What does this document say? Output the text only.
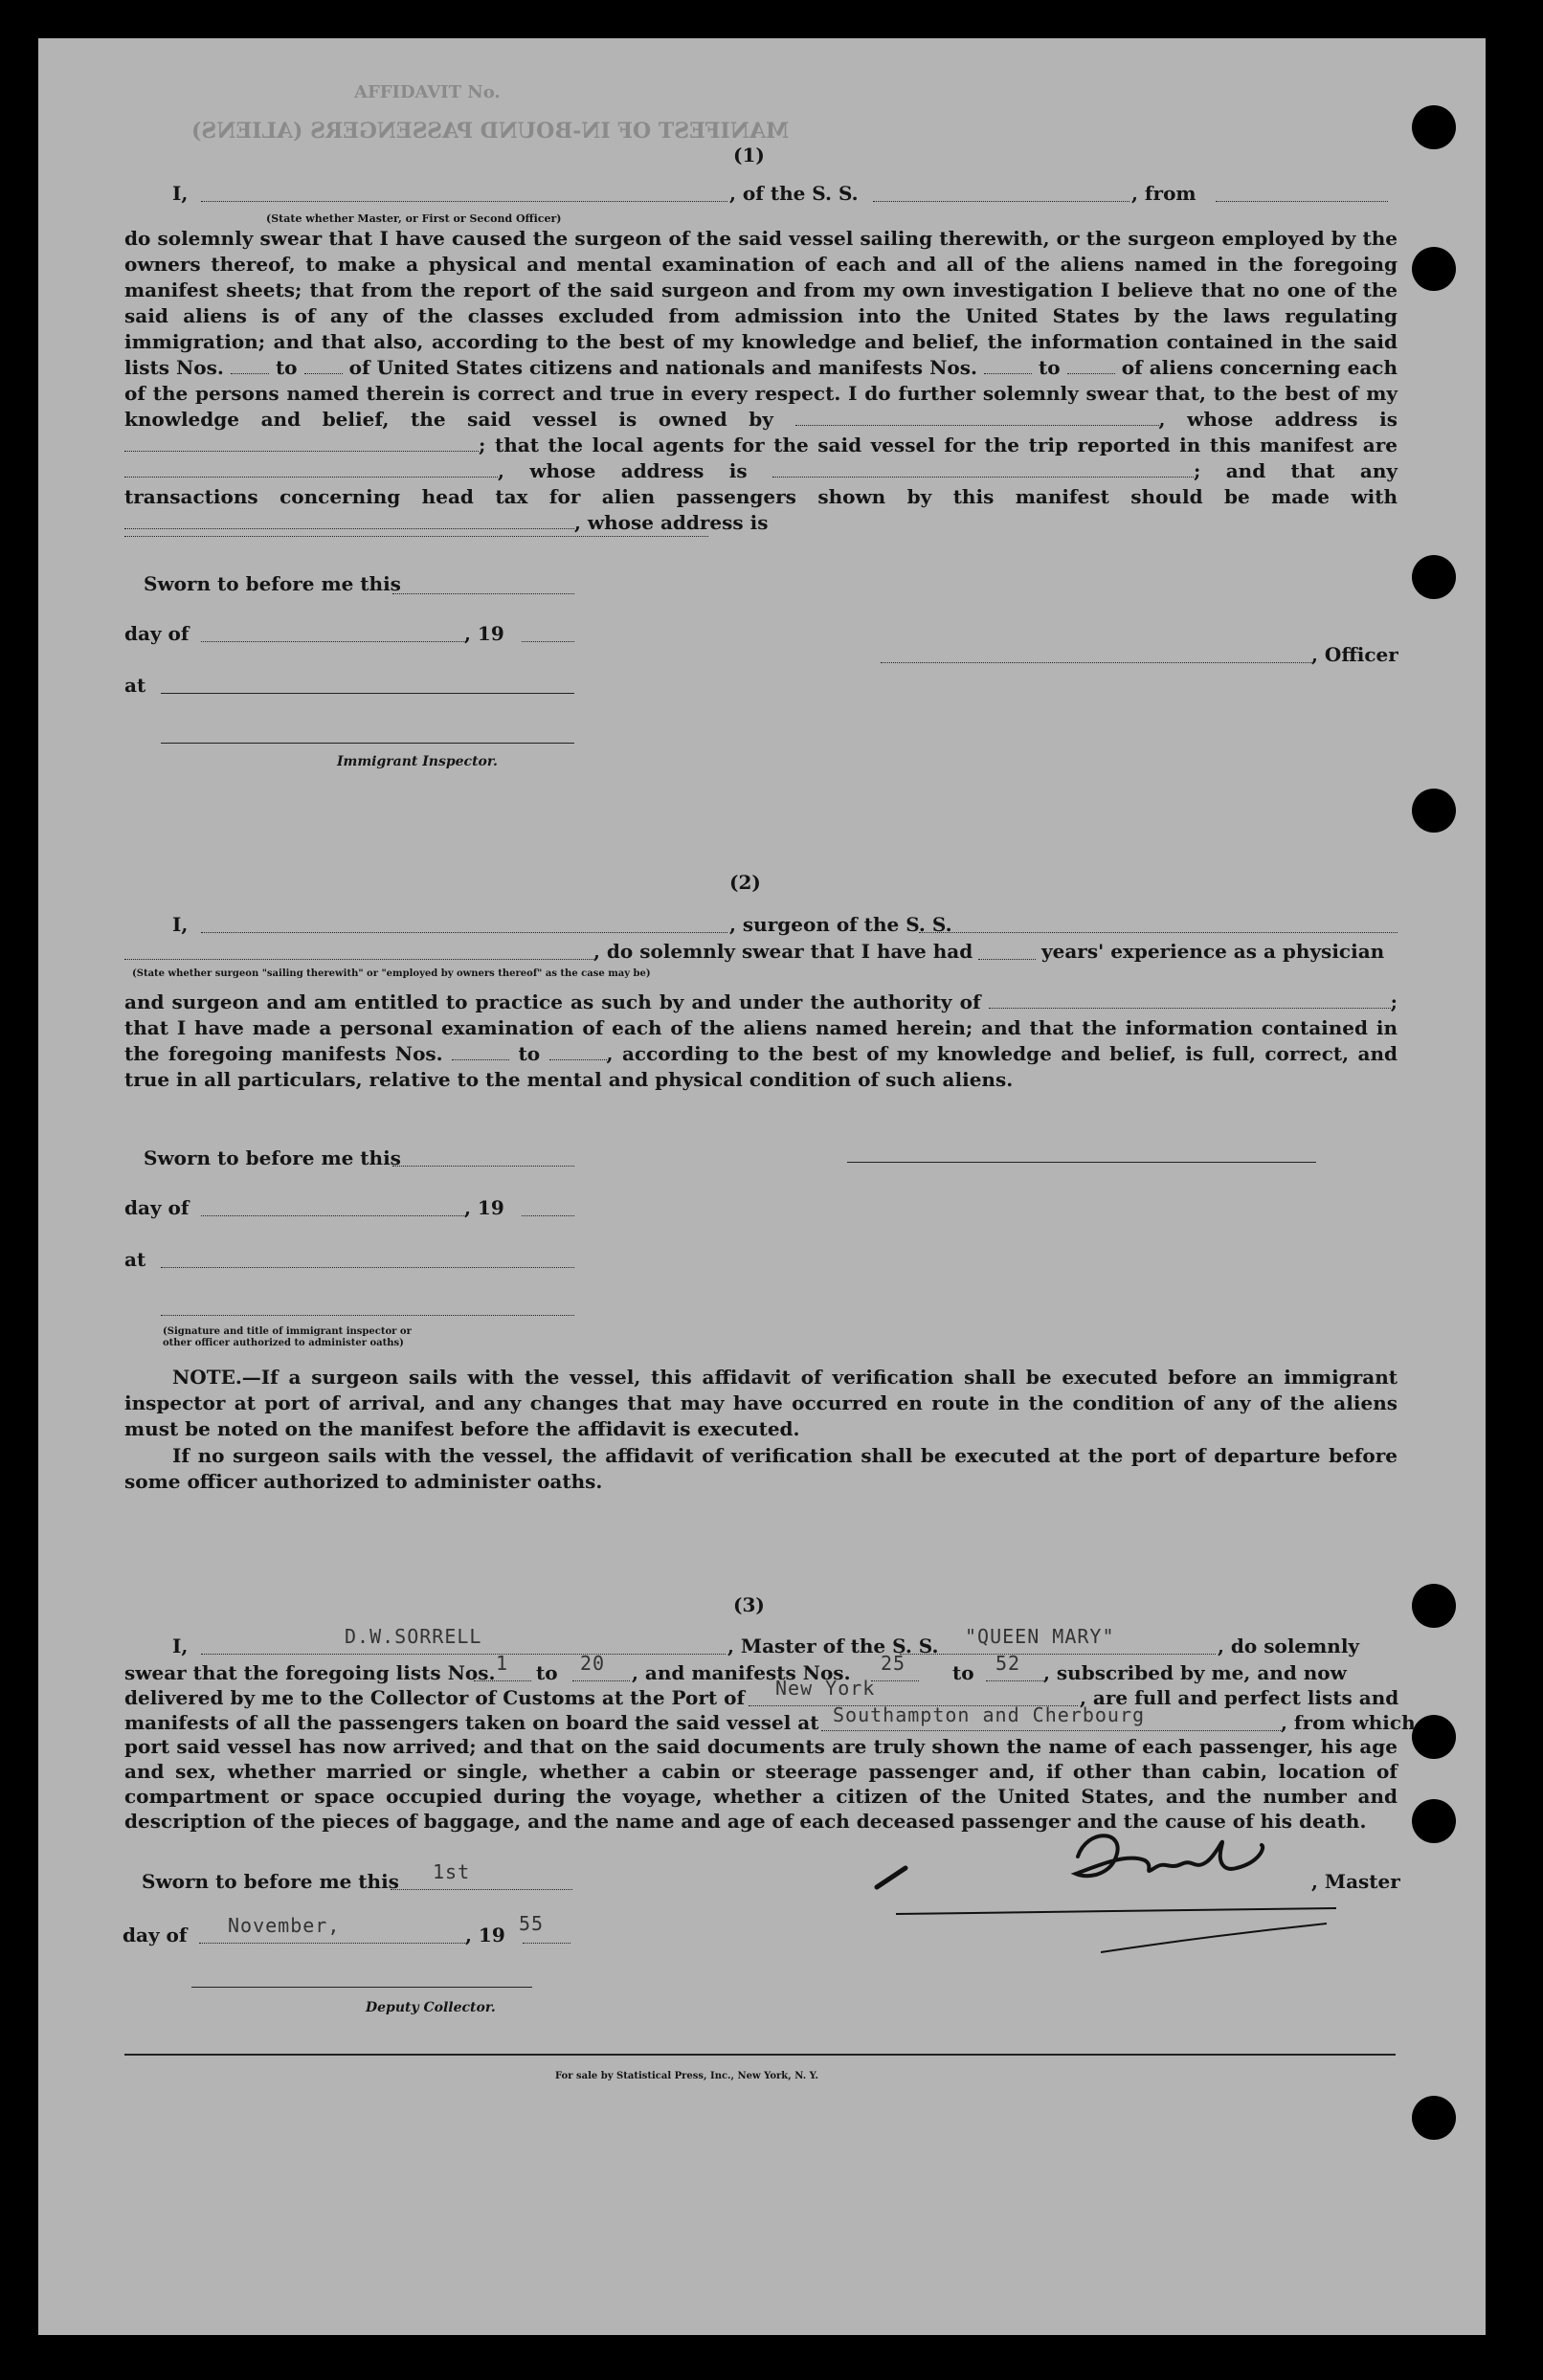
AFFIDAVIT No.
MANIFEST OF IN-BOUND PASSENGERS (ALIENS)
(1)
I,	, of the S. S.	, from
(State whether Master, or First or Second Officer)
do solemnly swear that I have caused the surgeon of the said vessel sailing therewith, or the surgeon employed by the owners thereof, to make a physical and mental examination of each and all of the aliens named in the foregoing manifest sheets; that from the report of the said surgeon and from my own investigation I believe that no one of the said aliens is of any of the classes excluded from admission into the United States by the laws regulating immigration; and that also, according to the best of my knowledge and belief, the information contained in the said lists Nos.	to	of United States citizens and nationals and manifests Nos.	to	of aliens concerning each of the persons named therein is correct and true in every respect. I do further solemnly swear that, to the best of my knowledge and belief, the said vessel is owned by	, whose address is ; that the local agents for the said vessel for the trip reported in this manifest are , whose address is	; and that any transactions concerning head tax for alien passengers shown by this manifest should be made with , whose address is
Sworn to before me this
day of	, 19
, Officer
at
Immigrant Inspector.
(2)
I,	, surgeon of the S. S.
, do solemnly swear that I have had	years' experience as a physician
(State whether surgeon "sailing therewith" or "employed by owners thereof" as the case may be)
and surgeon and am entitled to practice as such by and under the authority of	; that I have made a personal examination of each of the aliens named herein; and that the information contained in the foregoing manifests Nos.	to	, according to the best of my knowledge and belief, is full, correct, and true in all particulars, relative to the mental and physical condition of such aliens.
Sworn to before me this
day of	, 19
at
(Signature and title of immigrant inspector or
other officer authorized to administer oaths)
NOTE.—If a surgeon sails with the vessel, this affidavit of verification shall be executed before an immigrant inspector at port of arrival, and any changes that may have occurred en route in the condition of any of the aliens must be noted on the manifest before the affidavit is executed.
If no surgeon sails with the vessel, the affidavit of verification shall be executed at the port of departure before some officer authorized to administer oaths.
(3)
I,	D.W.SORRELL	, Master of the S. S. "QUEEN MARY"	, do solemnly
swear that the foregoing lists Nos. 1 to 20 , and manifests Nos. 25 to 52 , subscribed by me, and now
delivered by me to the Collector of Customs at the Port of New York	, are full and perfect lists and
manifests of all the passengers taken on board the said vessel at Southampton and Cherbourg	, from which
port said vessel has now arrived; and that on the said documents are truly shown the name of each passenger, his age and sex, whether married or single, whether a cabin or steerage passenger and, if other than cabin, location of compartment or space occupied during the voyage, whether a citizen of the United States, and the number and description of the pieces of baggage, and the name and age of each deceased passenger and the cause of his death.
Sworn to before me this 1st	, Master
day of November,	, 19 55
Deputy Collector.
For sale by Statistical Press, Inc., New York, N. Y.
